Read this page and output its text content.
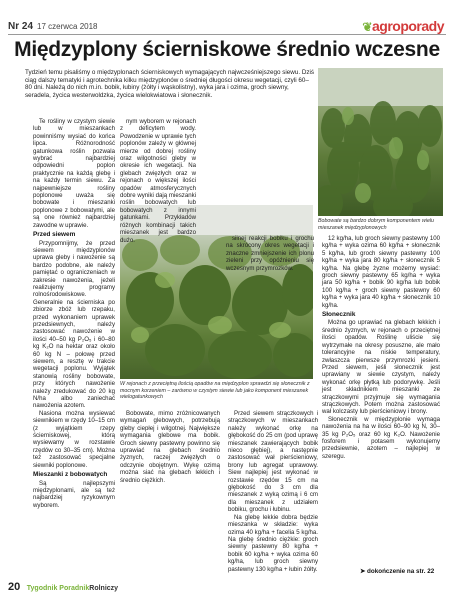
Nr 24 17 czerwca 2018	❦agroporady
Międzyplony ścierniskowe średnio wczesne
Tydzień temu pisaliśmy o międzyplonach ścierniskowych wymagających najwcześniejszego siewu. Dziś ciąg dalszy tematyki i agrotechnika kilku międzyplonów o średniej długości okresu wegetacji, czyli 60–80 dni. Należą do nich m.in. bobik, łubiny (żółty i wąskolistny), wyka jara i ozima, groch siewny, seradela, życica westerwoldzka, życica wielokwiatowa i słonecznik.
Bobowate są bardzo dobrym komponentem wielu mieszanek międzyplonowych
W rejonach z przeciętną ilością opadów na międzyplon sprawdzi się słonecznik z mocnym korzeniem – zarówno w czystym siewie lub jako komponent mieszanek wielogatunkowych

Te rośliny w czystym siewie lub w mieszankach powinniśmy wysiać do końca lipca. Różnorodność gatunkowa roślin pozwala wybrać najbardziej odpowiedni poplon praktycznie na każdą glebę i na każdy termin siewu. Za najpewniejsze rośliny poplonowe uważa się bobowate i mieszanki poplonowe z bobowatymi, ale są one również najbardziej zawodne w uprawie.

Przed siewem

Przypomnijmy, że przed siewem międzyplonów uprawa gleby i nawożenie są bardzo podobne, ale należy pamiętać o ograniczeniach w zakresie nawożenia, jeżeli realizujemy programy rolnośrodowiskowe. Generalnie na ścierniska po zbiorze zbóż lub rzepaku, przed wykonaniem uprawek przedsiewnych, należy zastosować nawożenie w ilości 40–50 kg P₂O₅ i 60–80 kg K₂O na hektar oraz około 60 kg N – połowę przed siewem, a resztę w trakcie wegetacji poplonu. Wyjątek stanowią rośliny bobowate, przy których nawożenie należy zredukować do 20 kg N/ha albo zaniechać nawożenia azotem.

Nasiona można wysiewać siewnikiem w rzędy 10–15 cm (z wyjątkiem rzepy ścierniskowej, którą wysiewamy w rozstawie rzędów co 30–35 cm). Można też zastosować specjalne siewniki poplonowe.

Mieszanki z bobowatych

Są najlepszymi międzyplonami, ale są też najbardziej ryzykownym wyborem.

nym wyborem w rejonach z deficytem wody. Powodzenie w uprawie tych poplonów zależy w głównej mierze od dobrej rośliny oraz wilgotności gleby w okresie ich wegetacji. Na glebach zwięzłych oraz w rejonach o większej ilości opadów atmosferycznych dobre wyniki dają mieszanki roślin bobowatych lub bobowatych z innymi gatunkami. Przykładów różnych kombinacji takich mieszanek jest bardzo dużo.

Bobowate, mimo zróżnicowanych wymagań glebowych, potrzebują gleby ciepłej i wilgotnej. Największe wymagania glebowe ma bobik. Groch siewny pastewny powinno się uprawiać na glebach średnio żyznych, raczej zwięzłych o odczynie obojętnym. Wykę ozimą można siać na glebach lekkich i średnio ciężkich.

Przed siewem strączkowych i strączkowych w mieszankach należy wykonać orkę na głębokość do 25 cm (pod uprawę mieszanek zawierających bobik nieco głębiej), a następnie zastosować wał pierścieniowy, brony lub agregat uprawowy. Siew najlepiej jest wykonać w rozstawie rzędów 15 cm na głębokość do 3 cm dla mieszanek z wyką ozimą i 6 cm dla mieszanek z udziałem bobiku, grochu i łubinu.

Na glebę lekkie dobra będzie mieszanka w składzie: wyka ozima 40 kg/ha + facelia 5 kg/ha. Na glebę średnio ciężkie: groch siewny pastewny 80 kg/ha + bobik 60 kg/ha + wyka ozima 60 kg/ha, lub groch siewny pastewny 130 kg/ha + łubin żółty.

silnej reakcji bobiku i grochu na skrócony okres wegetacji i znaczne zmniejszenie ich plonu zieleni przy opóźnieniu się wczesnym przymrozków.

12 kg/ha, lub groch siewny pastewny 100 kg/ha + wyka ozima 60 kg/ha + słonecznik 5 kg/ha, lub groch siewny pastewny 100 kg/ha + wyka jara 80 kg/ha + słonecznik 5 kg/ha. Na glebę żyzne możemy wysiać: groch siewny pastewny 65 kg/ha + wyka jara 50 kg/ha + bobik 90 kg/ha lub bobik 100 kg/ha + groch siewny pastewny 60 kg/ha + wyka jara 40 kg/ha + słonecznik 10 kg/ha.

Słonecznik

Można go uprawiać na glebach lekkich i średnio żyznych, w rejonach o przeciętnej ilości opadów. Roślinę uliście się wytrzymałe na okresy posuszne, ale mało tolerancyjne na niskie temperatury, zwłaszcza pierwsze przymrozki jesieni. Przed siewem, jeśli słonecznik jest uprawiany w siewie czystym, należy wykonać orkę płytką lub podorywkę. Jeśli jest składnikiem mieszanki ze strączkowymi przyjmuje się wymagania strączkowych. Potem można zastosować wał kolczasty lub pierścieniowy i brony.

Słonecznik w międzyplonie wymaga nawożenia na ha w ilości 60–90 kg N, 30–35 kg P₂O₅ oraz 60 kg K₂O. Nawożenie fosforem i potasem wykonujemy przedsiewnie, azotem – najlepiej w szeregu.

➤ dokończenie na str. 22
20 Tygodnik PoradnikRolniczy
